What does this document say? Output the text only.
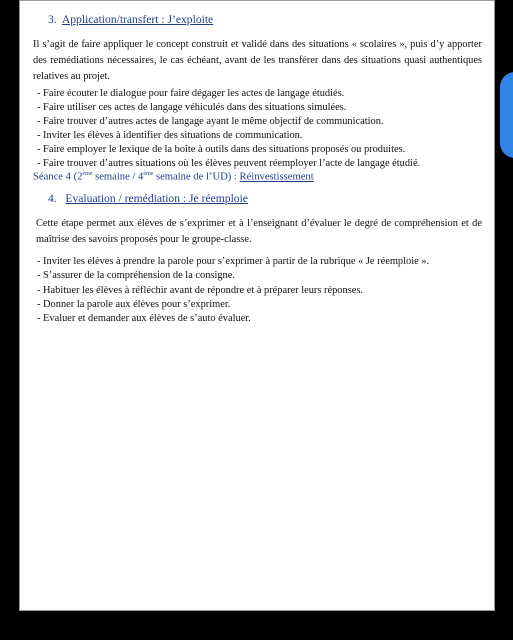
3. Application/transfert : J’exploite
Il s’agit de faire appliquer le concept construit et validé dans des situations « scolaires », puis d’y apporter des remédiations nécessaires, le cas échéant, avant de les transférer dans des situations quasi authentiques relatives au projet.
- Faire écouter le dialogue pour faire dégager les actes de langage étudiés.
- Faire utiliser ces actes de langage véhiculés dans des situations simulées.
- Faire trouver d’autres actes de langage ayant le même objectif de communication.
- Inviter les élèves à identifier des situations de communication.
- Faire employer le lexique de la boîte à outils dans des situations proposés ou produites.
- Faire trouver d’autres situations où les élèves peuvent réemployer l’acte de langage étudié.
Séance 4 (2ème semaine / 4ème semaine de l’UD) : Réinvestissement
4. Evaluation / remédiation : Je réemploie
Cette étape permet aux élèves de s’exprimer et à l’enseignant d’évaluer le degré de compréhension et de maîtrise des savoirs proposés pour le groupe-classe.
- Inviter les élèves à prendre la parole pour s’exprimer à partir de la rubrique « Je réemploie ».
- S’assurer de la compréhension de la consigne.
- Habituer les élèves à réfléchir avant de répondre et à préparer leurs réponses.
- Donner la parole aux élèves pour s’exprimer.
- Evaluer et demander aux élèves de s’auto évaluer.
